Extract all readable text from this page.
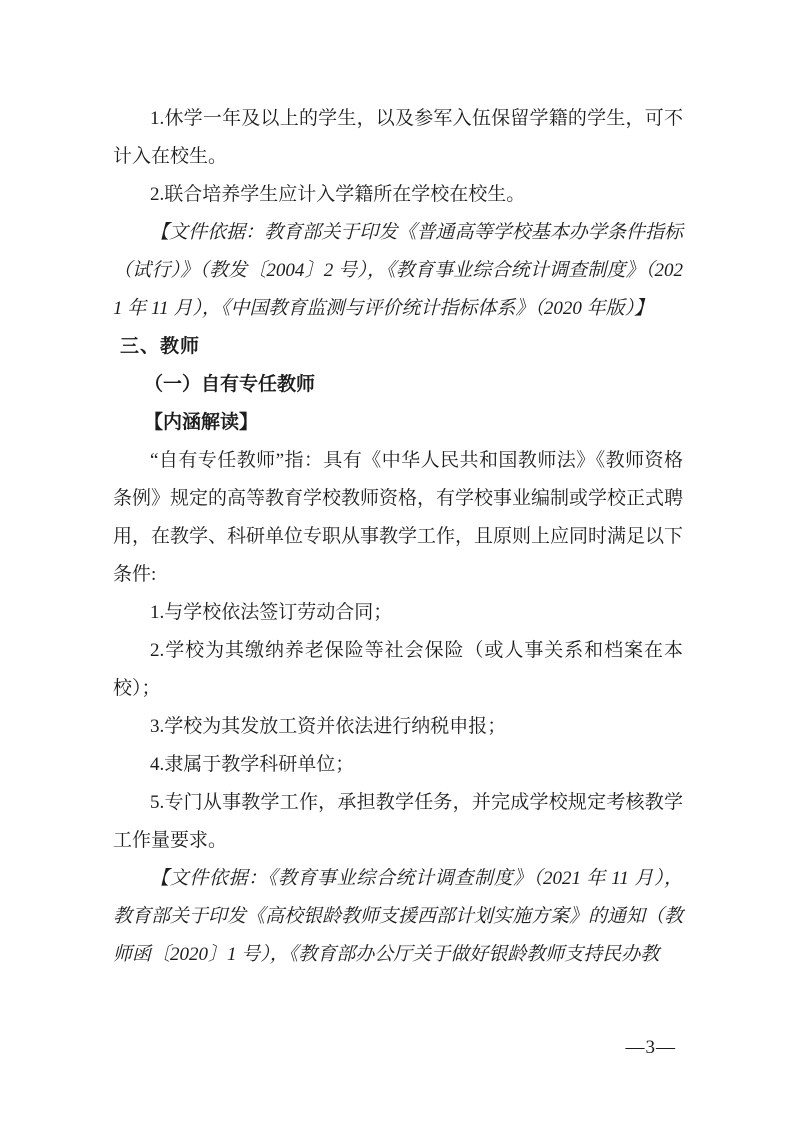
1.休学一年及以上的学生，以及参军入伍保留学籍的学生，可不计入在校生。

2.联合培养学生应计入学籍所在学校在校生。

【文件依据：教育部关于印发《普通高等学校基本办学条件指标（试行）》（教发〔2004〕2 号），《教育事业综合统计调查制度》（2021 年 11 月），《中国教育监测与评价统计指标体系》（2020 年版）】

三、教师

（一）自有专任教师

【内涵解读】

“自有专任教师”指：具有《中华人民共和国教师法》《教师资格条例》规定的高等教育学校教师资格，有学校事业编制或学校正式聘用，在教学、科研单位专职从事教学工作，且原则上应同时满足以下条件:

1.与学校依法签订劳动合同；

2.学校为其缴纳养老保险等社会保险（或人事关系和档案在本校）；

3.学校为其发放工资并依法进行纳税申报；

4.隶属于教学科研单位；

5.专门从事教学工作，承担教学任务，并完成学校规定考核教学工作量要求。

【文件依据：《教育事业综合统计调查制度》（2021 年 11 月），教育部关于印发《高校银龄教师支援西部计划实施方案》的通知（教师函〔2020〕1 号），《教育部办公厅关于做好银龄教师支持民办教

—3—
